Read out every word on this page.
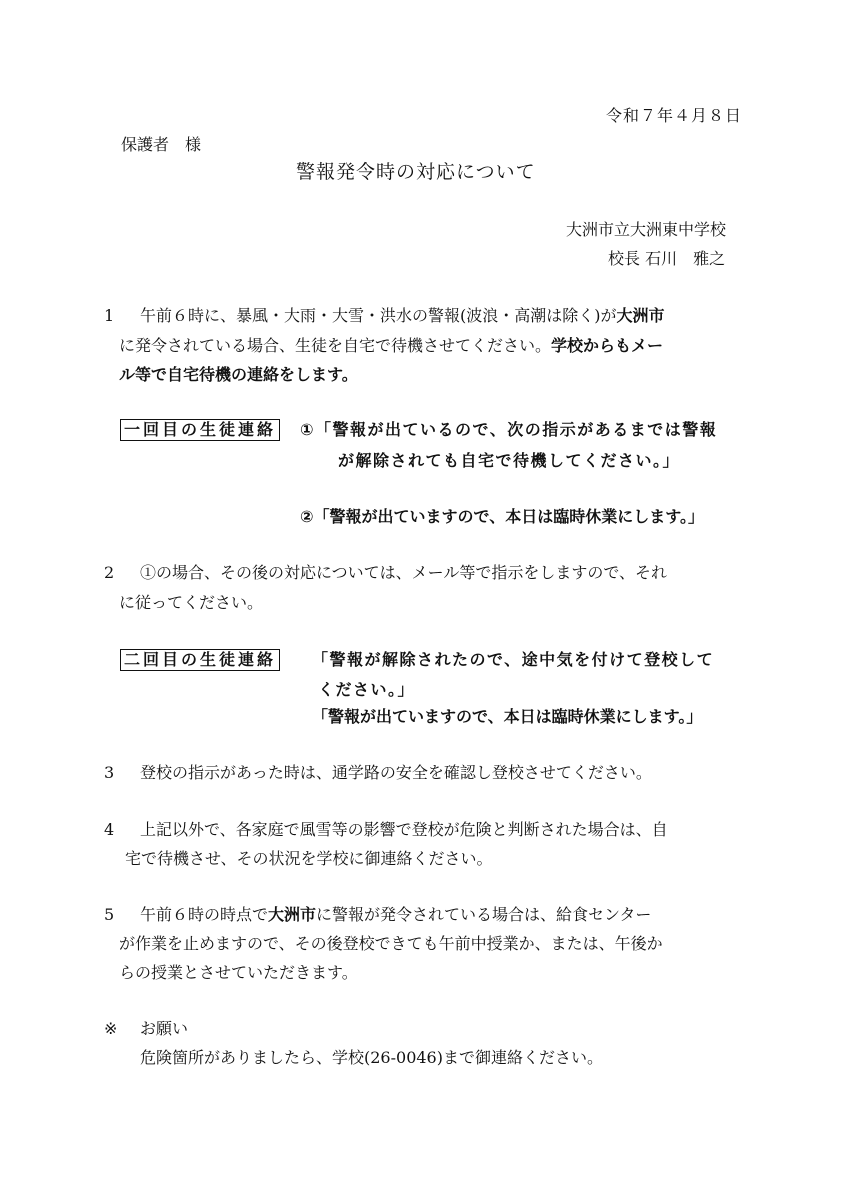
令和７年４月８日
保護者　様
警報発令時の対応について
大洲市立大洲東中学校
校長 石川　雅之
1 午前６時に、暴風・大雨・大雪・洪水の警報(波浪・高潮は除く)が大洲市
に発令されている場合、生徒を自宅で待機させてください。学校からもメー
ル等で自宅待機の連絡をします。
一回目の生徒連絡 ①「警報が出ているので、次の指示があるまでは警報
が解除されても自宅で待機してください。」
②「警報が出ていますので、本日は臨時休業にします。」
2 ①の場合、その後の対応については、メール等で指示をしますので、それ
に従ってください。
二回目の生徒連絡 「警報が解除されたので、途中気を付けて登校して
ください。」
「警報が出ていますので、本日は臨時休業にします。」
3 登校の指示があった時は、通学路の安全を確認し登校させてください。
4 上記以外で、各家庭で風雪等の影響で登校が危険と判断された場合は、自
宅で待機させ、その状況を学校に御連絡ください。
5 午前６時の時点で大洲市に警報が発令されている場合は、給食センター
が作業を止めますので、その後登校できても午前中授業か、または、午後か
らの授業とさせていただきます。
※ お願い
危険箇所がありましたら、学校(26-0046)まで御連絡ください。
